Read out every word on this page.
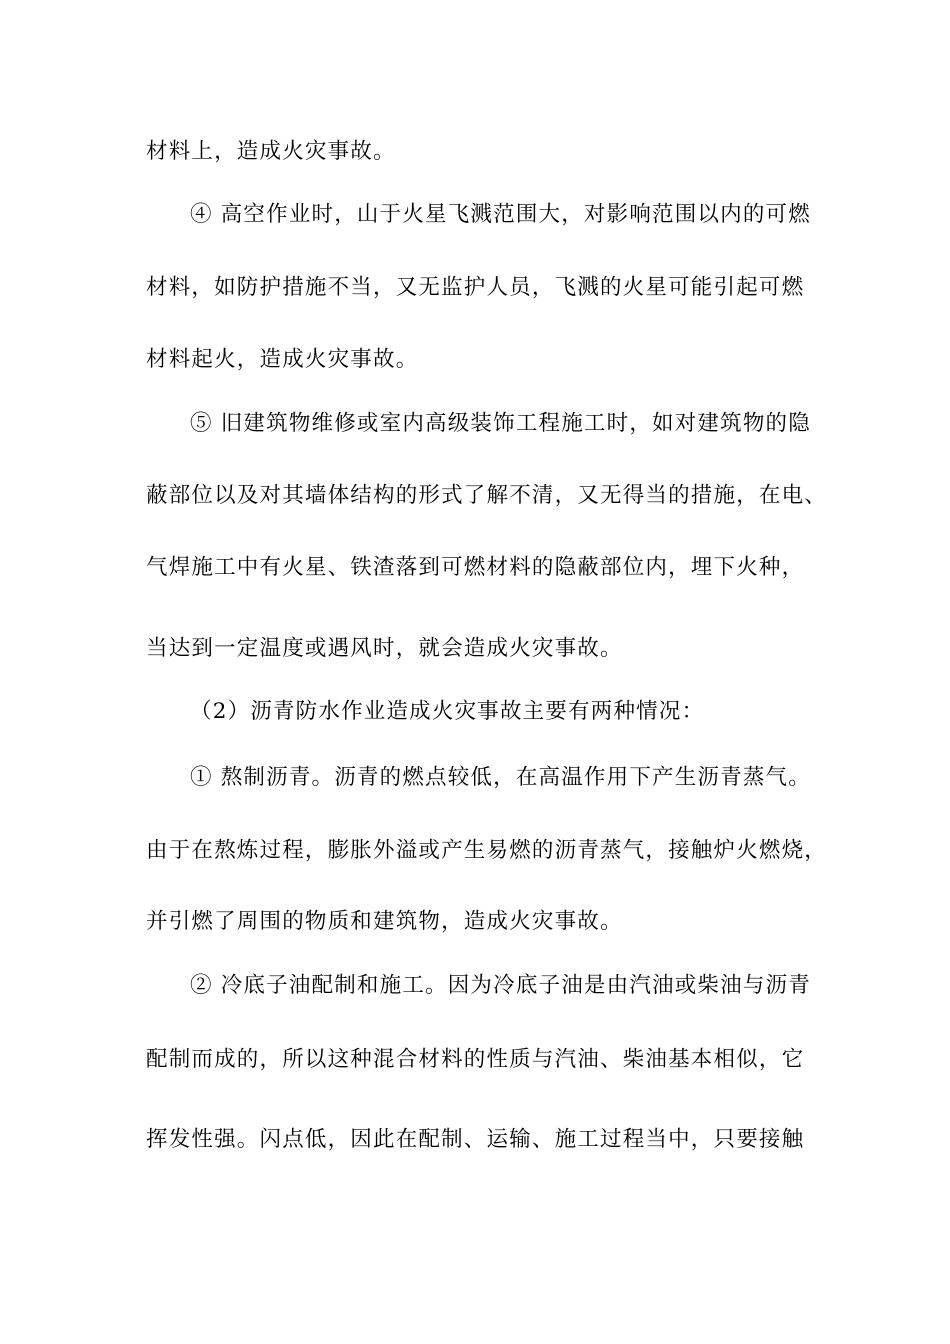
材料上，造成火灾事故。
④ 高空作业时，山于火星飞溅范围大，对影响范围以内的可燃
材料，如防护措施不当，又无监护人员，飞溅的火星可能引起可燃
材料起火，造成火灾事故。
⑤ 旧建筑物维修或室内高级装饰工程施工时，如对建筑物的隐
蔽部位以及对其墙体结构的形式了解不清，又无得当的措施，在电、
气焊施工中有火星、铁渣落到可燃材料的隐蔽部位内，埋下火种，
当达到一定温度或遇风时，就会造成火灾事故。
（2）沥青防水作业造成火灾事故主要有两种情况：
① 熬制沥青。沥青的燃点较低，在高温作用下产生沥青蒸气。
由于在熬炼过程，膨胀外溢或产生易燃的沥青蒸气，接触炉火燃烧，
并引燃了周围的物质和建筑物，造成火灾事故。
② 冷底子油配制和施工。因为冷底子油是由汽油或柴油与沥青
配制而成的，所以这种混合材料的性质与汽油、柴油基本相似，它
挥发性强。闪点低，因此在配制、运输、施工过程当中，只要接触
